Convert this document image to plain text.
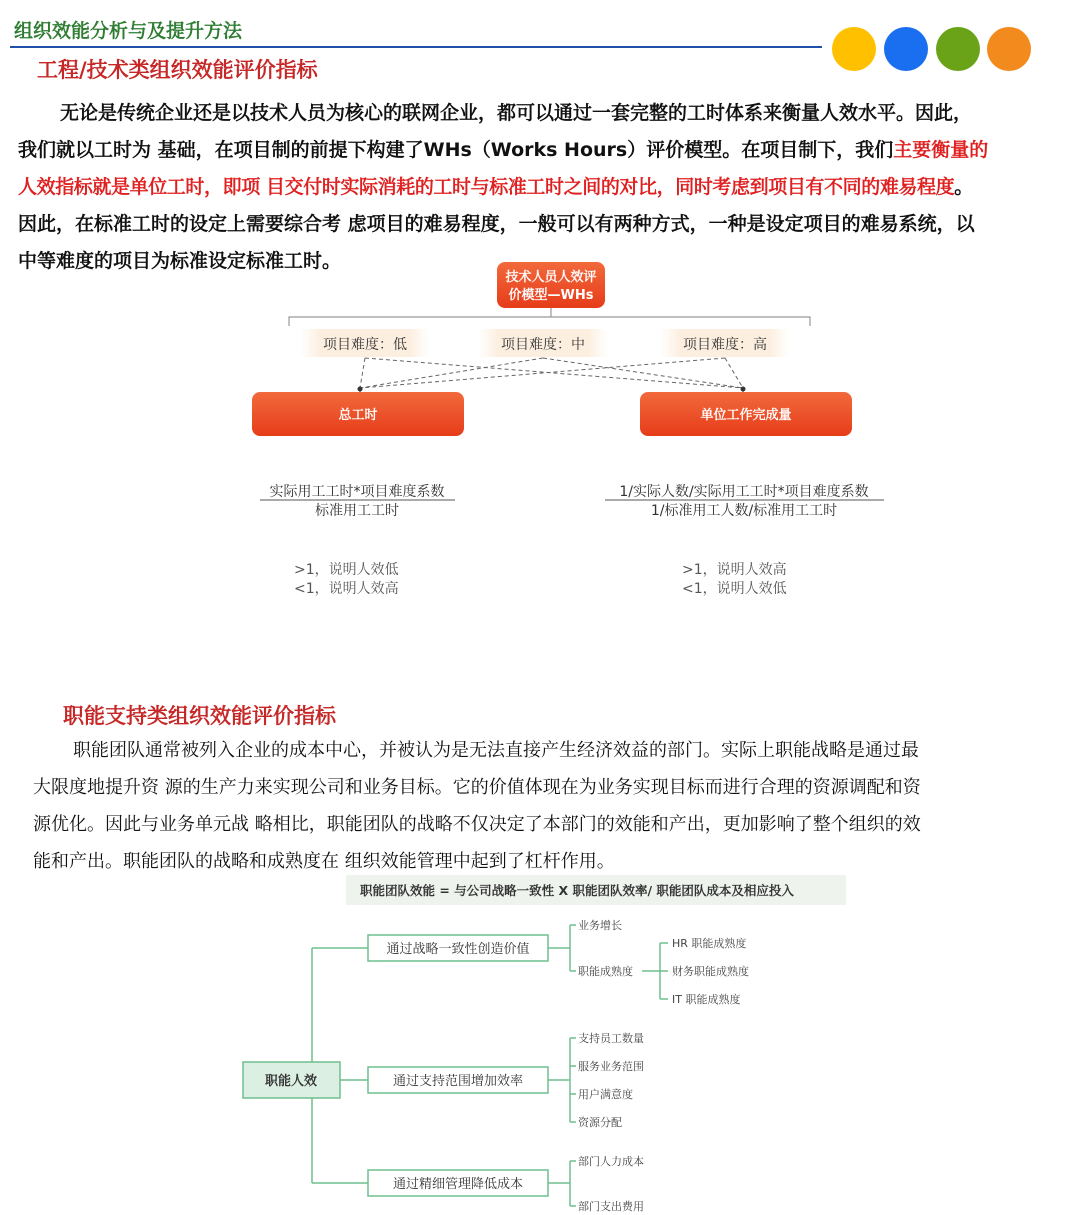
组织效能分析与及提升方法
工程/技术类组织效能评价指标
无论是传统企业还是以技术人员为核心的联网企业，都可以通过一套完整的工时体系来衡量人效水平。因此，
我们就以工时为 基础，在项目制的前提下构建了WHs（Works Hours）评价模型。在项目制下，我们主要衡量的
人效指标就是单位工时，即项 目交付时实际消耗的工时与标准工时之间的对比，同时考虑到项目有不同的难易程度。
因此，在标准工时的设定上需要综合考 虑项目的难易程度，一般可以有两种方式，一种是设定项目的难易系统，以
中等难度的项目为标准设定标准工时。
技术人员人效评
价模型—WHs
项目难度：低	项目难度：中	项目难度：高
总工时	单位工作完成量
实际用工工时*项目难度系数
标准用工工时
1/实际人数/实际用工工时*项目难度系数
1/标准用工人数/标准用工工时
>1，说明人效低
<1，说明人效高
>1，说明人效高
<1，说明人效低
职能支持类组织效能评价指标
职能团队通常被列入企业的成本中心，并被认为是无法直接产生经济效益的部门。实际上职能战略是通过最
大限度地提升资 源的生产力来实现公司和业务目标。它的价值体现在为业务实现目标而进行合理的资源调配和资
源优化。因此与业务单元战 略相比，职能团队的战略不仅决定了本部门的效能和产出，更加影响了整个组织的效
能和产出。职能团队的战略和成熟度在 组织效能管理中起到了杠杆作用。
职能团队效能 = 与公司战略一致性 X 职能团队效率/ 职能团队成本及相应投入
职能人效
通过战略一致性创造价值
通过支持范围增加效率
通过精细管理降低成本
业务增长
职能成熟度
HR 职能成熟度
财务职能成熟度
IT 职能成熟度
支持员工数量
服务业务范围
用户满意度
资源分配
部门人力成本
部门支出费用
